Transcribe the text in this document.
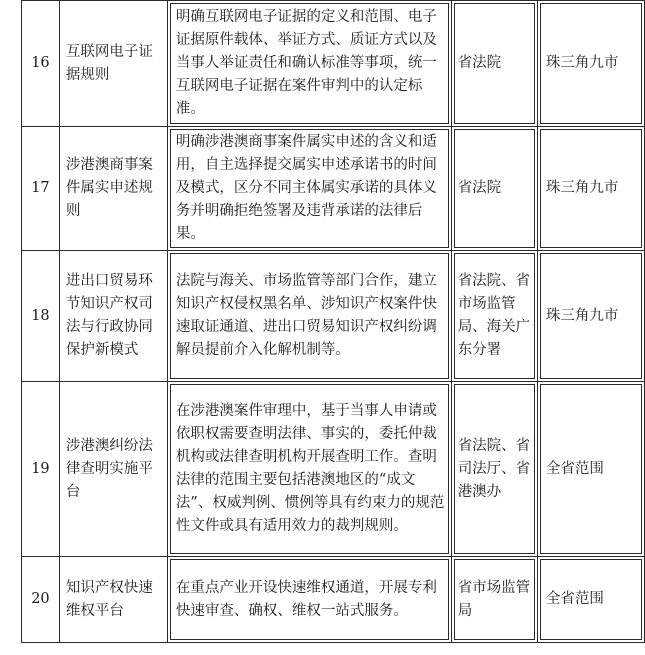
16	互联网电子证据规则	明确互联网电子证据的定义和范围、电子证据原件载体、举证方式、质证方式以及当事人举证责任和确认标准等事项，统一互联网电子证据在案件审判中的认定标准。	省法院	珠三角九市
17	涉港澳商事案件属实申述规则	明确涉港澳商事案件属实申述的含义和适用，自主选择提交属实申述承诺书的时间及模式，区分不同主体属实承诺的具体义务并明确拒绝签署及违背承诺的法律后果。	省法院	珠三角九市
18	进出口贸易环节知识产权司法与行政协同保护新模式	法院与海关、市场监管等部门合作，建立知识产权侵权黑名单、涉知识产权案件快速取证通道、进出口贸易知识产权纠纷调解员提前介入化解机制等。	省法院、省市场监管局、海关广东分署	珠三角九市
19	涉港澳纠纷法律查明实施平台	在涉港澳案件审理中，基于当事人申请或依职权需要查明法律、事实的，委托仲裁机构或法律查明机构开展查明工作。查明法律的范围主要包括港澳地区的“成文法”、权威判例、惯例等具有约束力的规范性文件或具有适用效力的裁判规则。	省法院、省司法厅、省港澳办	全省范围
20	知识产权快速维权平台	在重点产业开设快速维权通道，开展专利快速审查、确权、维权一站式服务。	省市场监管局	全省范围
